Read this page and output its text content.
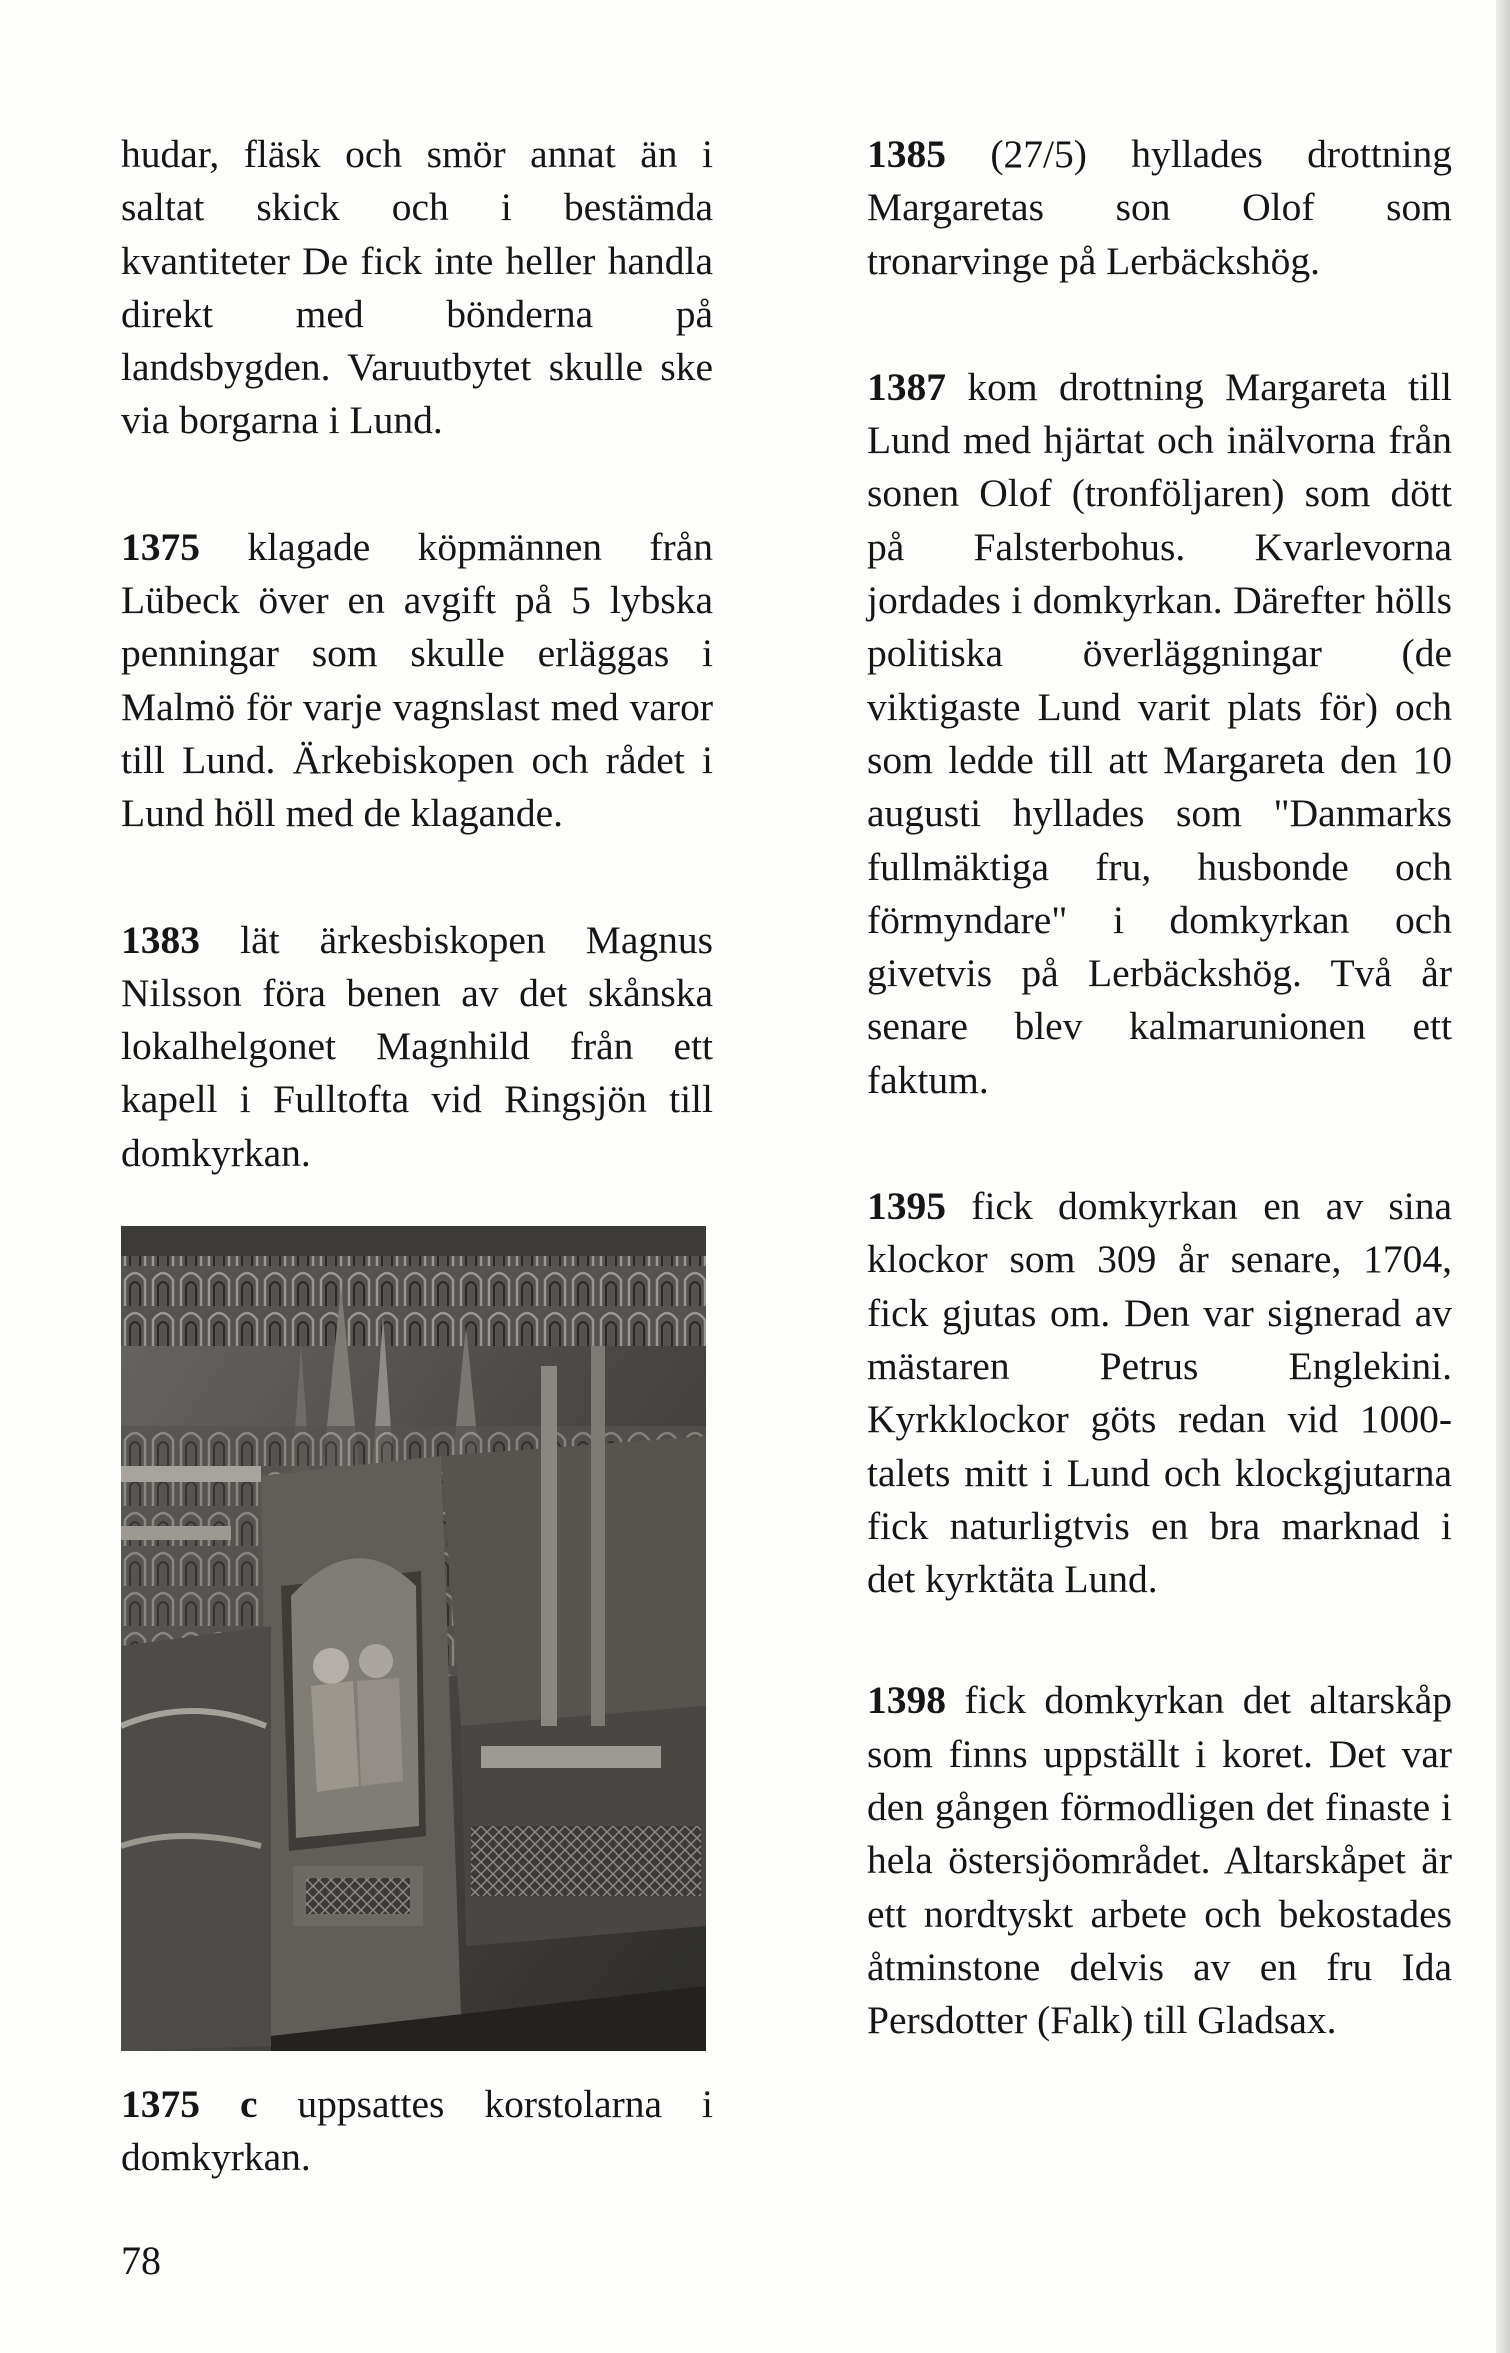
hudar, fläsk och smör annat än i saltat skick och i bestämda kvantiteter De fick inte heller handla direkt med bönderna på landsbygden. Varuutbytet skulle ske via borgarna i Lund.

1375 klagade köpmännen från Lübeck över en avgift på 5 lybska penningar som skulle erläggas i Malmö för varje vagnslast med varor till Lund. Ärkebiskopen och rådet i Lund höll med de klagande.

1383 lät ärkesbiskopen Magnus Nilsson föra benen av det skånska lokalhelgonet Magnhild från ett kapell i Fulltofta vid Ringsjön till domkyrkan.

1375 c uppsattes korstolarna i domkyrkan.

1385 (27/5) hyllades drottning Margaretas son Olof som tronarvinge på Lerbäckshög.

1387 kom drottning Margareta till Lund med hjärtat och inälvorna från sonen Olof (tronföljaren) som dött på Falsterbohus. Kvarlevorna jordades i domkyrkan. Därefter hölls politiska överläggningar (de viktigaste Lund varit plats för) och som ledde till att Margareta den 10 augusti hyllades som "Danmarks fullmäktiga fru, husbonde och förmyndare" i domkyrkan och givetvis på Lerbäckshög. Två år senare blev kalmarunionen ett faktum.

1395 fick domkyrkan en av sina klockor som 309 år senare, 1704, fick gjutas om. Den var signerad av mästaren Petrus Englekini. Kyrkklockor göts redan vid 1000-talets mitt i Lund och klockgjutarna fick naturligtvis en bra marknad i det kyrktäta Lund.

1398 fick domkyrkan det altarskåp som finns uppställt i koret. Det var den gången förmodligen det finaste i hela östersjöområdet. Altarskåpet är ett nordtyskt arbete och bekostades åtminstone delvis av en fru Ida Persdotter (Falk) till Gladsax.

78
